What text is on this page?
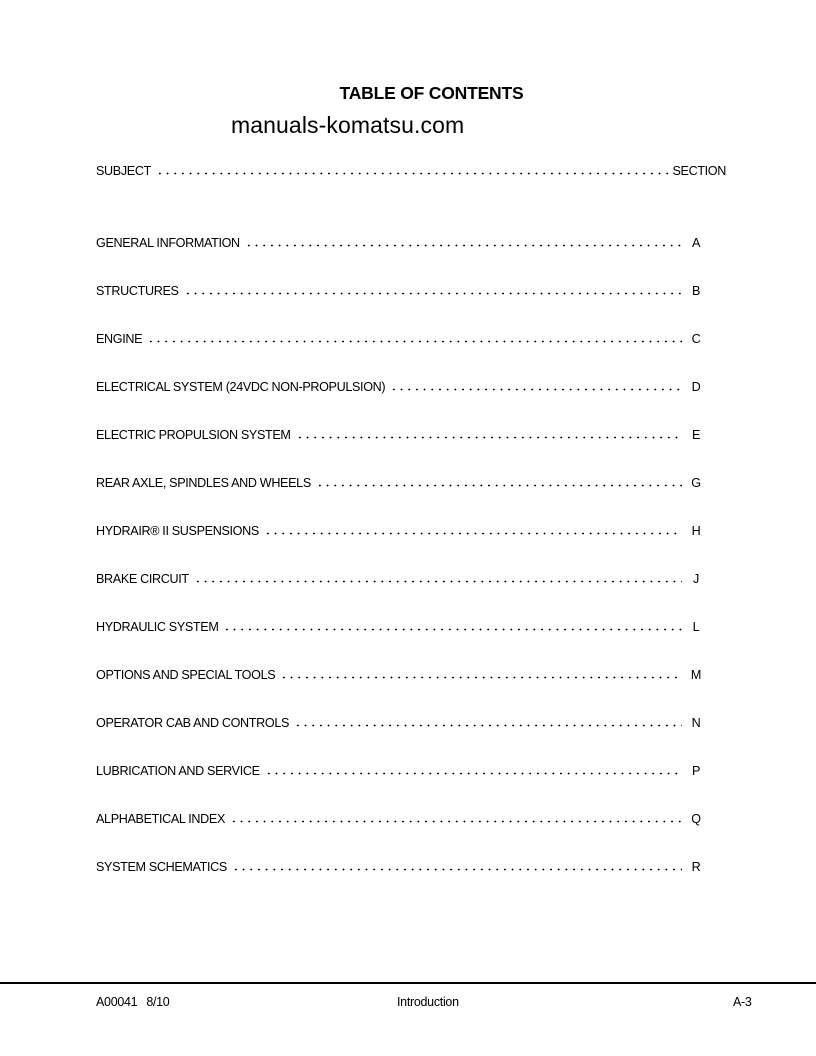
TABLE OF CONTENTS
manuals-komatsu.com
SUBJECT	SECTION
GENERAL INFORMATION	A
STRUCTURES	B
ENGINE	C
ELECTRICAL SYSTEM (24VDC NON-PROPULSION)	D
ELECTRIC PROPULSION SYSTEM	E
REAR AXLE, SPINDLES AND WHEELS	G
HYDRAIR® II SUSPENSIONS	H
BRAKE CIRCUIT	J
HYDRAULIC SYSTEM	L
OPTIONS AND SPECIAL TOOLS	M
OPERATOR CAB AND CONTROLS	N
LUBRICATION AND SERVICE	P
ALPHABETICAL INDEX	Q
SYSTEM SCHEMATICS	R
A00041 8/10	Introduction	A-3
